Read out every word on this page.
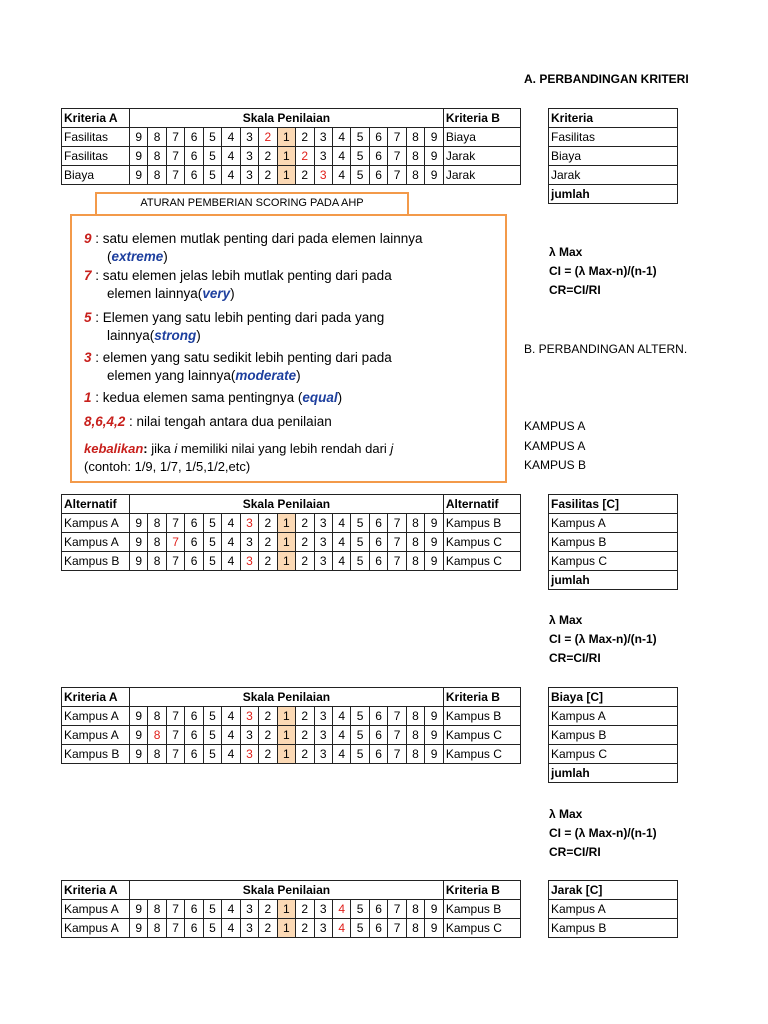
A. PERBANDINGAN KRITERI
Kriteria A	Skala Penilaian																	Kriteria B
Fasilitas	9	8	7	6	5	4	3	2	1	2	3	4	5	6	7	8	9	Biaya
Fasilitas	9	8	7	6	5	4	3	2	1	2	3	4	5	6	7	8	9	Jarak
Biaya	9	8	7	6	5	4	3	2	1	2	3	4	5	6	7	8	9	Jarak
Kriteria
Fasilitas
Biaya
Jarak
jumlah
λ Max
CI = (λ Max-n)/(n-1)
CR=CI/RI
ATURAN PEMBERIAN SCORING PADA AHP
9 : satu elemen mutlak penting dari pada elemen lainnya
(extreme)
7 : satu elemen jelas lebih mutlak penting dari pada
elemen lainnya(very)
5 : Elemen yang satu lebih penting dari pada yang
lainnya(strong)
3 : elemen yang satu sedikit lebih penting dari pada
elemen yang lainnya(moderate)
1 : kedua elemen sama pentingnya (equal)
8,6,4,2 : nilai tengah antara dua penilaian
kebalikan: jika i memiliki nilai yang lebih rendah dari j
(contoh: 1/9, 1/7, 1/5,1/2,etc)
B. PERBANDINGAN ALTERN.
KAMPUS A
KAMPUS A
KAMPUS B
Alternatif	Skala Penilaian																	Alternatif
Kampus A	9	8	7	6	5	4	3	2	1	2	3	4	5	6	7	8	9	Kampus B
Kampus A	9	8	7	6	5	4	3	2	1	2	3	4	5	6	7	8	9	Kampus C
Kampus B	9	8	7	6	5	4	3	2	1	2	3	4	5	6	7	8	9	Kampus C
Fasilitas [C]
Kampus A
Kampus B
Kampus C
jumlah
λ Max
CI = (λ Max-n)/(n-1)
CR=CI/RI
Kriteria A	Skala Penilaian																	Kriteria B
Kampus A	9	8	7	6	5	4	3	2	1	2	3	4	5	6	7	8	9	Kampus B
Kampus A	9	8	7	6	5	4	3	2	1	2	3	4	5	6	7	8	9	Kampus C
Kampus B	9	8	7	6	5	4	3	2	1	2	3	4	5	6	7	8	9	Kampus C
Biaya [C]
Kampus A
Kampus B
Kampus C
jumlah
λ Max
CI = (λ Max-n)/(n-1)
CR=CI/RI
Kriteria A	Skala Penilaian																	Kriteria B
Kampus A	9	8	7	6	5	4	3	2	1	2	3	4	5	6	7	8	9	Kampus B
Kampus A	9	8	7	6	5	4	3	2	1	2	3	4	5	6	7	8	9	Kampus C
Jarak [C]
Kampus A
Kampus B
